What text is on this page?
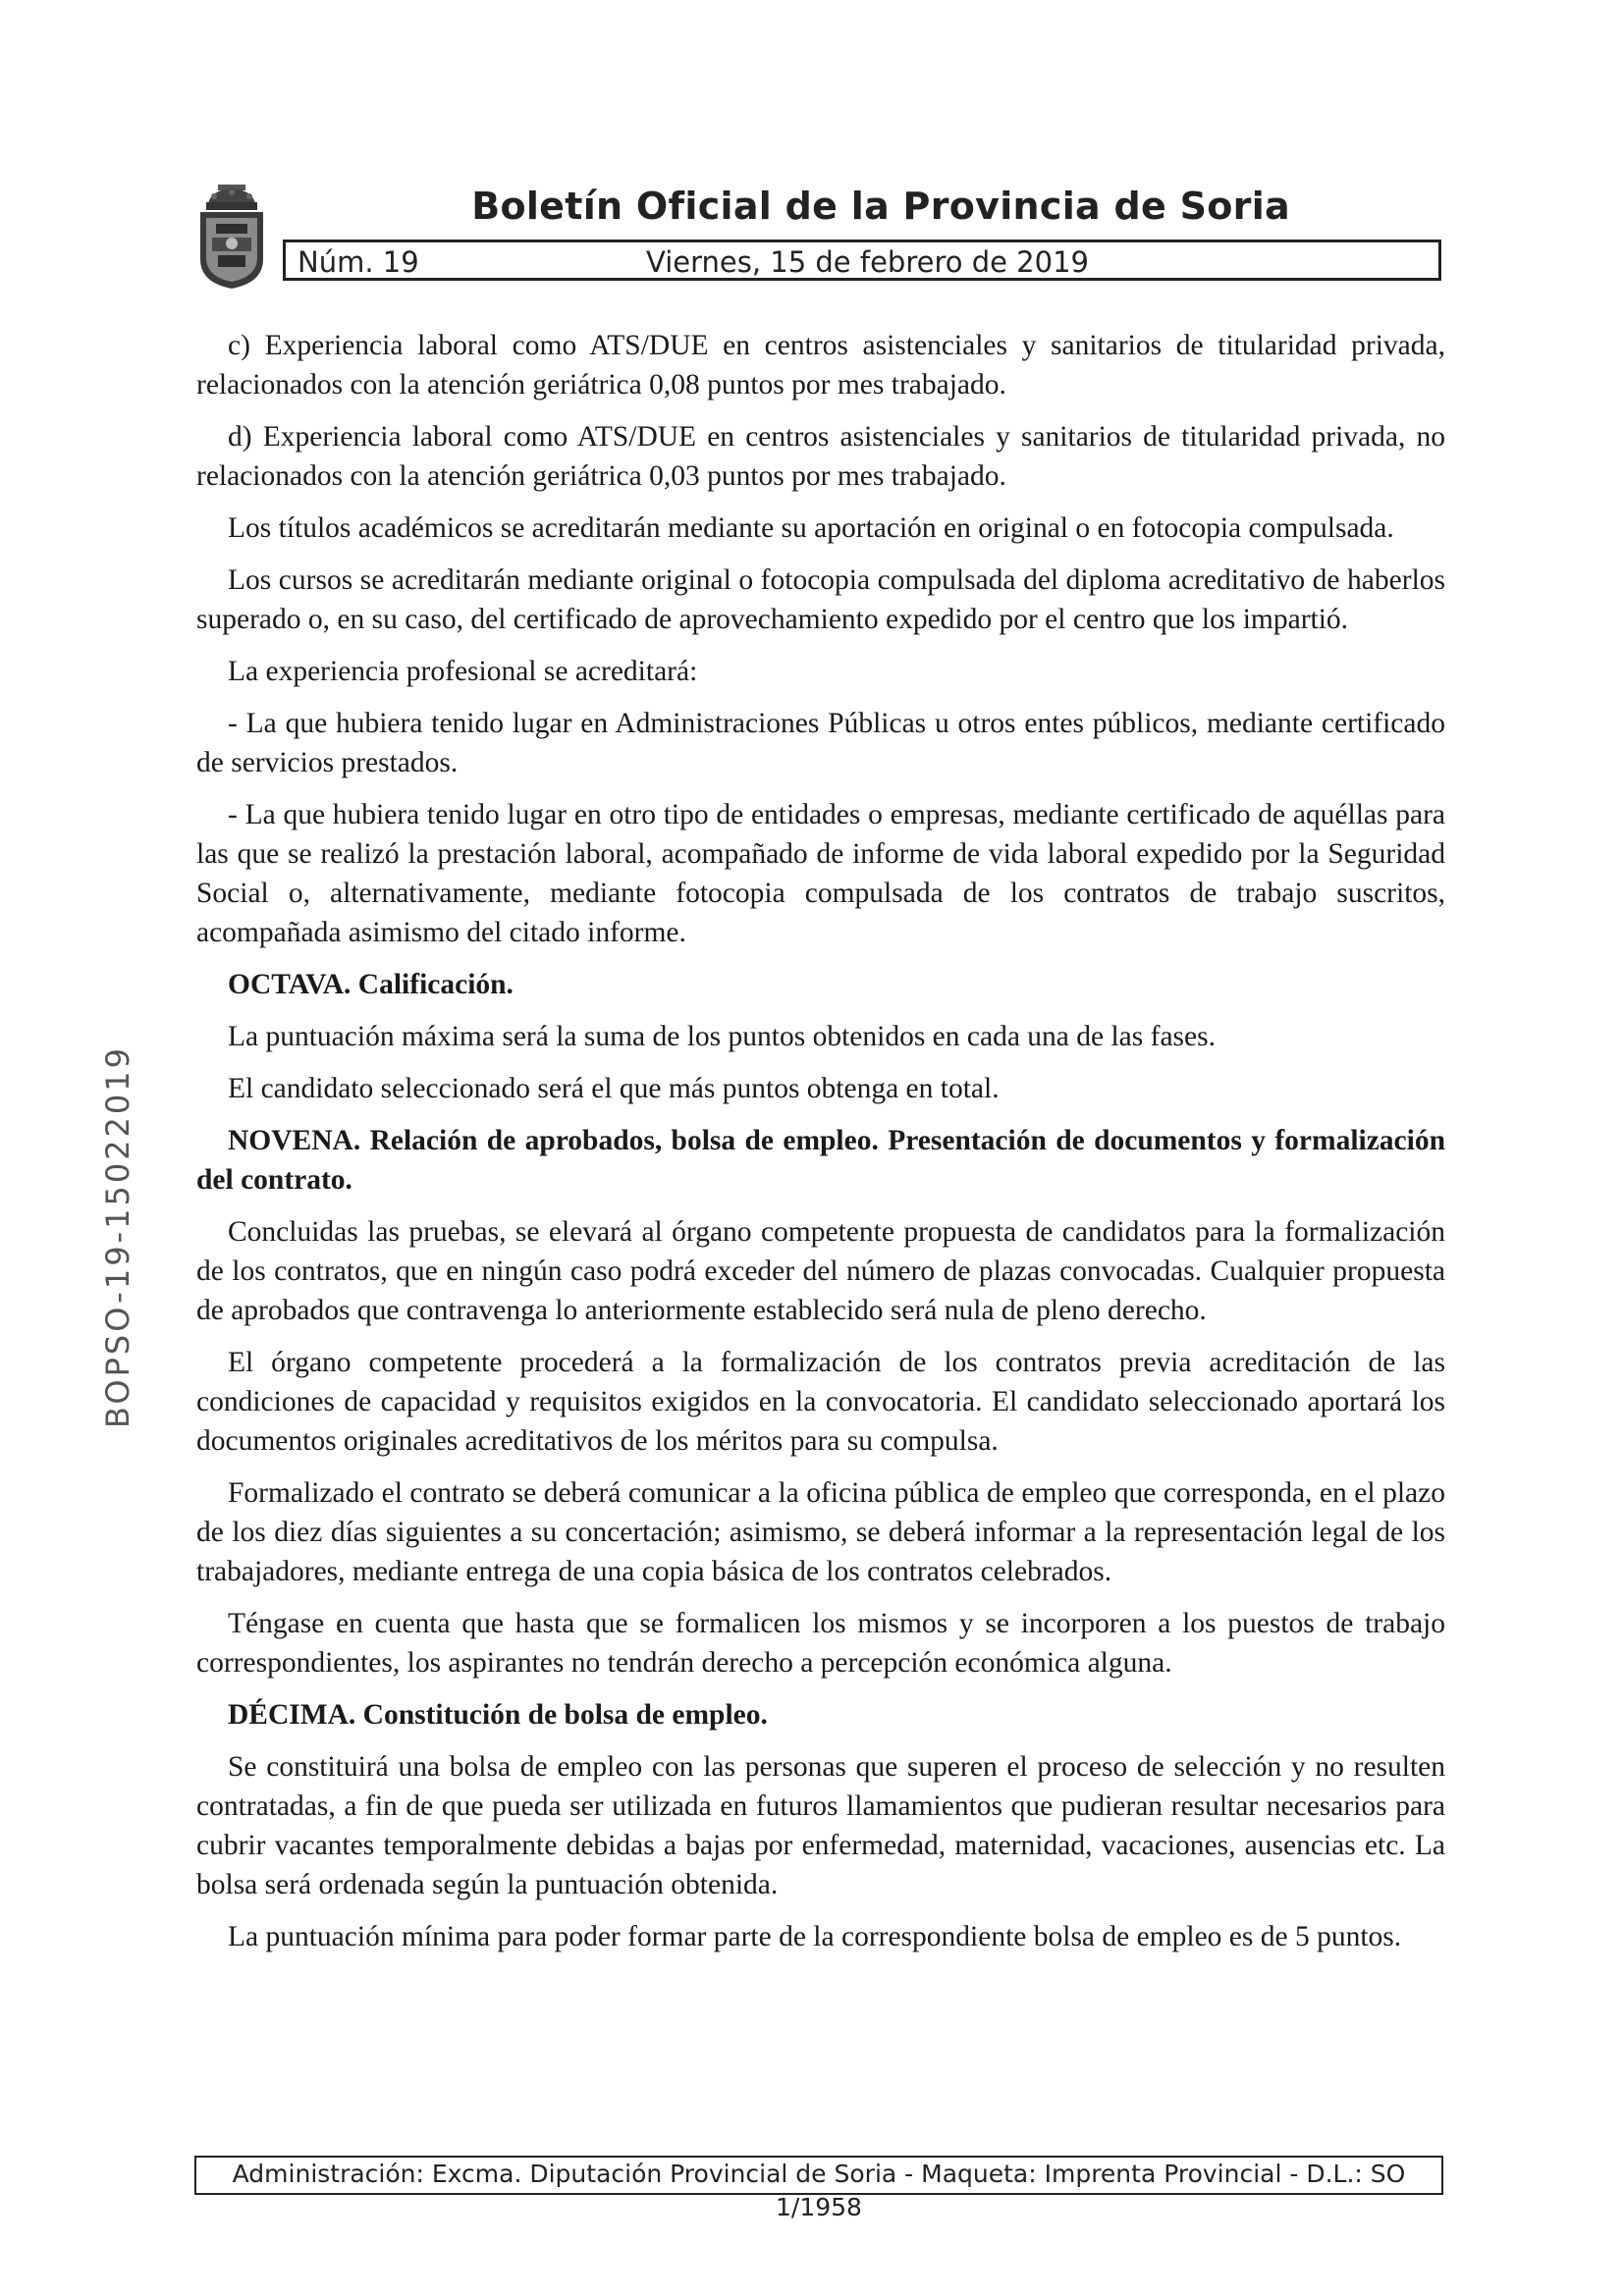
Boletín Oficial de la Provincia de Soria
Núm. 19	Viernes, 15 de febrero de 2019
BOPSO-19-15022019

c) Experiencia laboral como ATS/DUE en centros asistenciales y sanitarios de titularidad privada, relacionados con la atención geriátrica 0,08 puntos por mes trabajado.

d) Experiencia laboral como ATS/DUE en centros asistenciales y sanitarios de titularidad privada, no relacionados con la atención geriátrica 0,03 puntos por mes trabajado.

Los títulos académicos se acreditarán mediante su aportación en original o en fotocopia compulsada.

Los cursos se acreditarán mediante original o fotocopia compulsada del diploma acreditativo de haberlos superado o, en su caso, del certificado de aprovechamiento expedido por el centro que los impartió.

La experiencia profesional se acreditará:

- La que hubiera tenido lugar en Administraciones Públicas u otros entes públicos, mediante certificado de servicios prestados.

- La que hubiera tenido lugar en otro tipo de entidades o empresas, mediante certificado de aquéllas para las que se realizó la prestación laboral, acompañado de informe de vida laboral expedido por la Seguridad Social o, alternativamente, mediante fotocopia compulsada de los contratos de trabajo suscritos, acompañada asimismo del citado informe.

OCTAVA. Calificación.

La puntuación máxima será la suma de los puntos obtenidos en cada una de las fases.

El candidato seleccionado será el que más puntos obtenga en total.

NOVENA. Relación de aprobados, bolsa de empleo. Presentación de documentos y formalización del contrato.

Concluidas las pruebas, se elevará al órgano competente propuesta de candidatos para la formalización de los contratos, que en ningún caso podrá exceder del número de plazas convocadas. Cualquier propuesta de aprobados que contravenga lo anteriormente establecido será nula de pleno derecho.

El órgano competente procederá a la formalización de los contratos previa acreditación de las condiciones de capacidad y requisitos exigidos en la convocatoria. El candidato seleccionado aportará los documentos originales acreditativos de los méritos para su compulsa.

Formalizado el contrato se deberá comunicar a la oficina pública de empleo que corresponda, en el plazo de los diez días siguientes a su concertación; asimismo, se deberá informar a la representación legal de los trabajadores, mediante entrega de una copia básica de los contratos celebrados.

Téngase en cuenta que hasta que se formalicen los mismos y se incorporen a los puestos de trabajo correspondientes, los aspirantes no tendrán derecho a percepción económica alguna.

DÉCIMA. Constitución de bolsa de empleo.

Se constituirá una bolsa de empleo con las personas que superen el proceso de selección y no resulten contratadas, a fin de que pueda ser utilizada en futuros llamamientos que pudieran resultar necesarios para cubrir vacantes temporalmente debidas a bajas por enfermedad, maternidad, vacaciones, ausencias etc. La bolsa será ordenada según la puntuación obtenida.

La puntuación mínima para poder formar parte de la correspondiente bolsa de empleo es de 5 puntos.

Administración: Excma. Diputación Provincial de Soria - Maqueta: Imprenta Provincial - D.L.: SO 1/1958
